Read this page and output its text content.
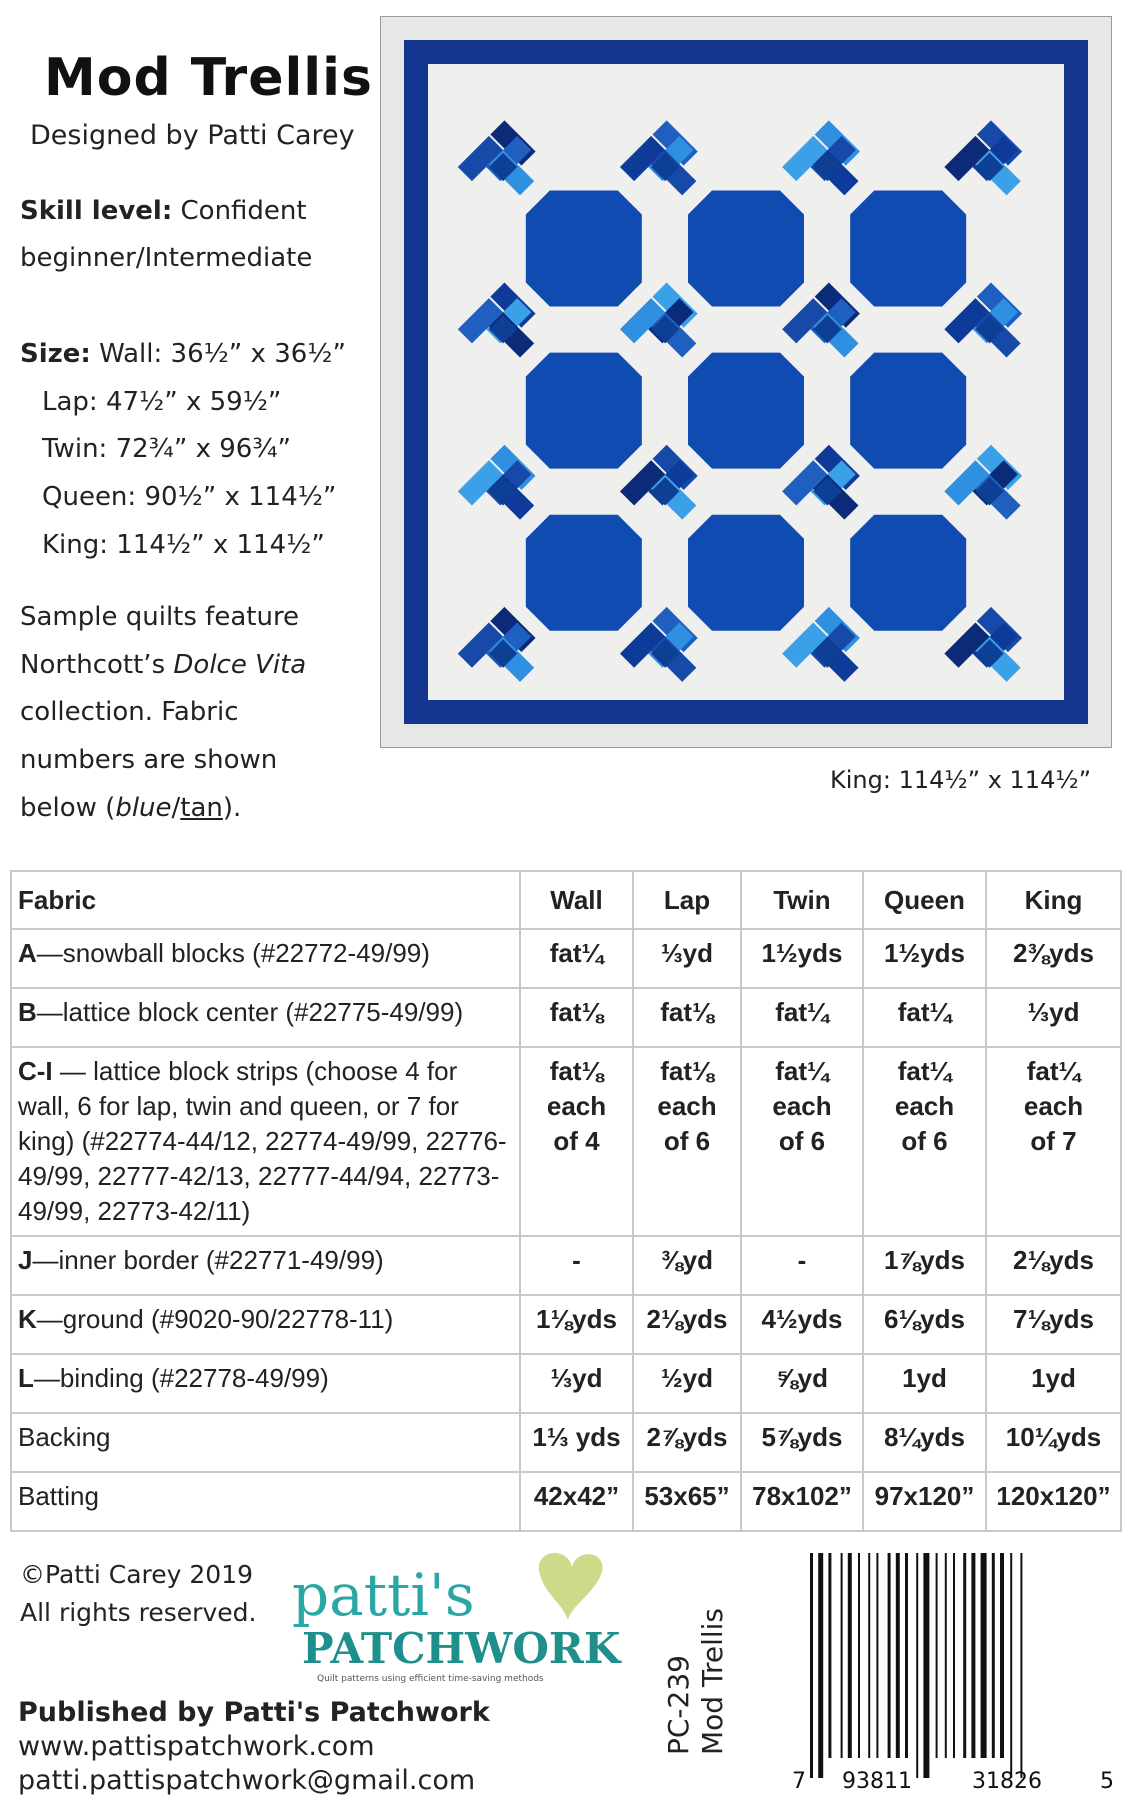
Mod Trellis
Designed by Patti Carey
Skill level: Confident
beginner/Intermediate
Size: Wall: 36½” x 36½”
Lap: 47½” x 59½”
Twin: 72¾” x 96¾”
Queen: 90½” x 114½”
King: 114½” x 114½”
Sample quilts feature
Northcott’s Dolce Vita
collection. Fabric
numbers are shown
below (blue/tan).
King: 114½” x 114½”
Fabric	Wall	Lap	Twin	Queen	King
A—snowball blocks (#22772-49/99)	fat¼	⅓yd	1½yds	1½yds	2⅜yds
B—lattice block center (#22775-49/99)	fat⅛	fat⅛	fat¼	fat¼	⅓yd
C-I — lattice block strips (choose 4 for wall, 6 for lap, twin and queen, or 7 for king) (#22774-44/12, 22774-49/99, 22776-49/99, 22777-42/13, 22777-44/94, 22773-49/99, 22773-42/11)	fat⅛
each
of 4	fat⅛
each
of 6	fat¼
each
of 6	fat¼
each
of 6	fat¼
each
of 7
J—inner border (#22771-49/99)	-	⅜yd	-	1⅞yds	2⅛yds
K—ground (#9020-90/22778-11)	1⅛yds	2⅛yds	4½yds	6⅛yds	7⅛yds
L—binding (#22778-49/99)	⅓yd	½yd	⅝yd	1yd	1yd
Backing	1⅓ yds	2⅞yds	5⅞yds	8¼yds	10¼yds
Batting	42x42”	53x65”	78x102”	97x120”	120x120”
©Patti Carey 2019
All rights reserved. patti's
PATCHWORK
Quilt patterns using efficient time-saving methods
Published by Patti's Patchwork
www.pattispatchwork.com
patti.pattispatchwork@gmail.com
PC-239 Mod Trellis
7 93811	31826	5
